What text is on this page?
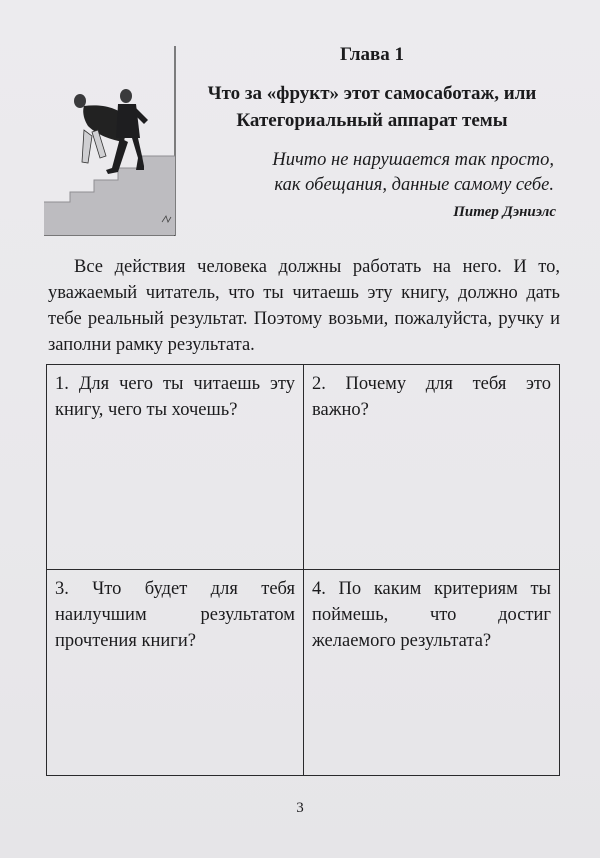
Глава 1
Что за «фрукт» этот самосаботаж, или Категориальный аппарат темы
Ничто не нарушается так просто,
как обещания, данные самому себе.
Питер Дэниэлс

Все действия человека должны работать на него. И то, уважаемый читатель, что ты читаешь эту книгу, должно дать тебе реальный результат. Поэтому возьми, пожалуйста, ручку и заполни рамку результата.

1. Для чего ты читаешь эту книгу, чего ты хочешь?
2. Почему для тебя это важно?
3. Что будет для тебя наилучшим результатом прочтения книги?
4. По каким критериям ты поймешь, что достиг желаемого результата?
3
